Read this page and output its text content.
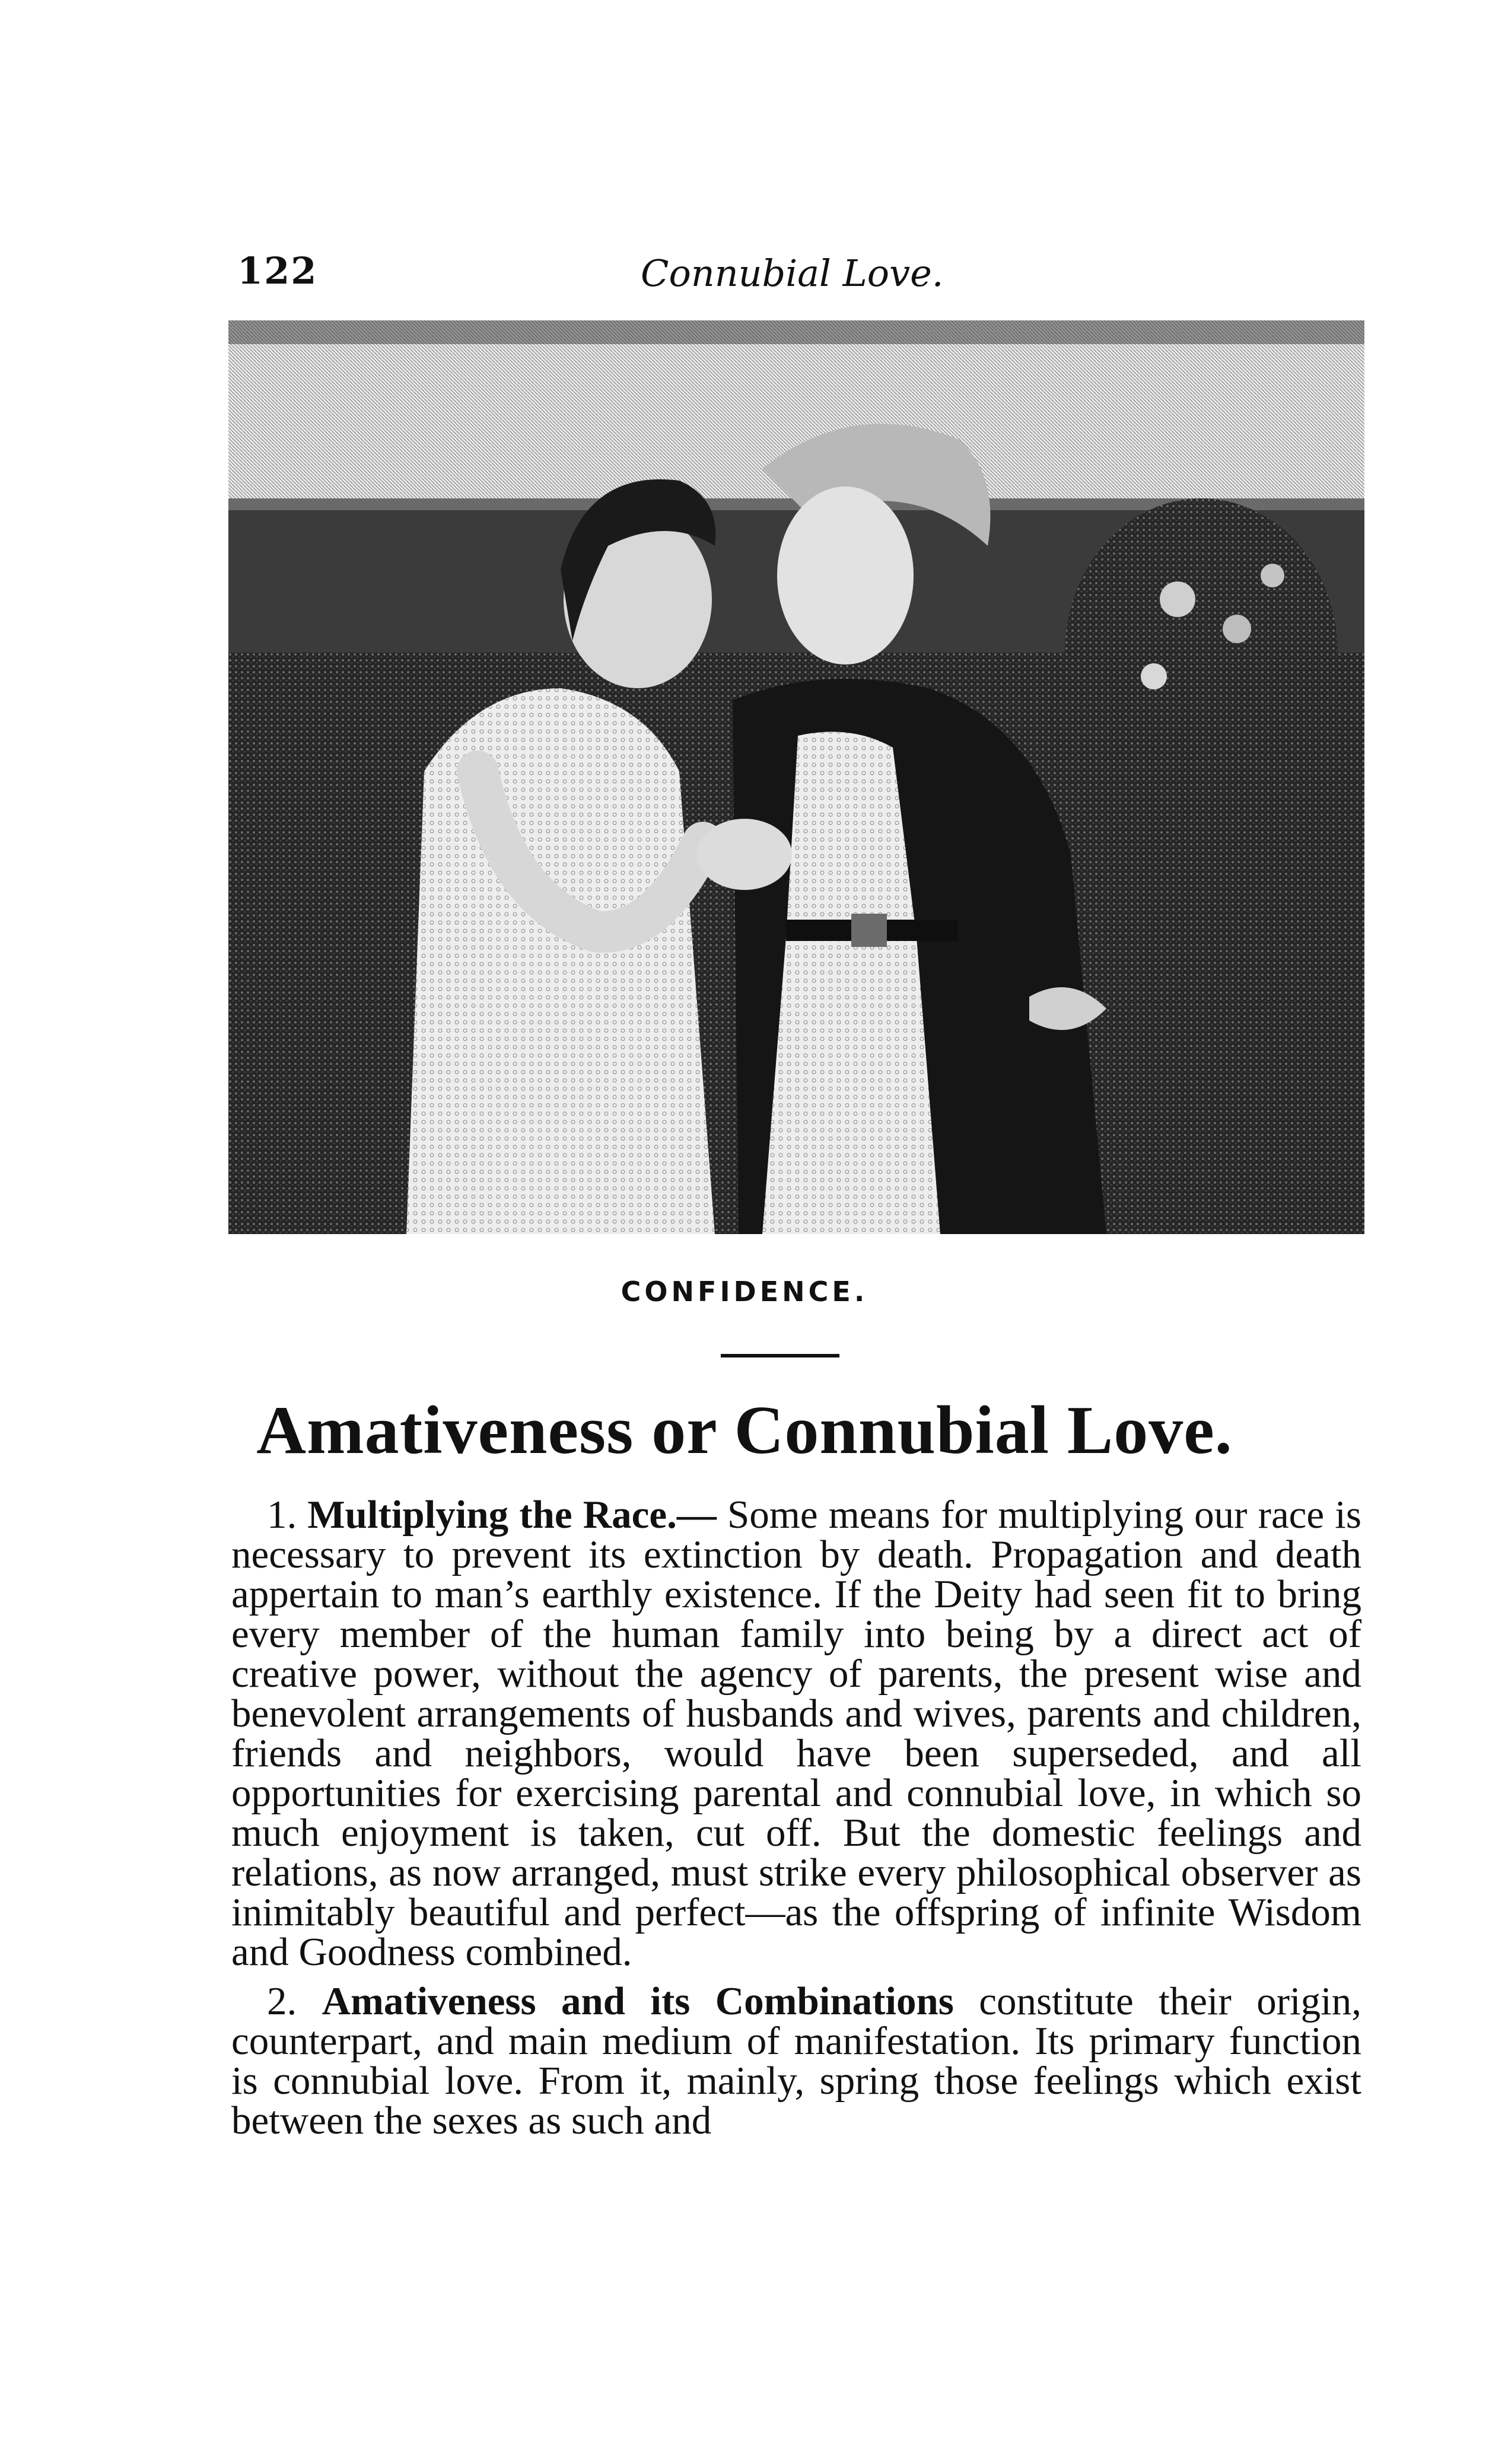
122	Connubial Love.
CONFIDENCE.
Amativeness or Connubial Love.

1. Multiplying the Race.— Some means for multiplying our race is necessary to prevent its extinction by death. Propagation and death appertain to man’s earthly existence. If the Deity had seen fit to bring every member of the human family into being by a direct act of creative power, without the agency of parents, the present wise and benevolent arrangements of husbands and wives, parents and children, friends and neighbors, would have been superseded, and all opportunities for exercising parental and connubial love, in which so much enjoyment is taken, cut off. But the domestic feelings and relations, as now arranged, must strike every philosophical observer as inimitably beautiful and perfect—as the offspring of infinite Wisdom and Goodness combined.

2. Amativeness and its Combinations constitute their origin, counterpart, and main medium of manifestation. Its primary function is connubial love. From it, mainly, spring those feelings which exist between the sexes as such and
